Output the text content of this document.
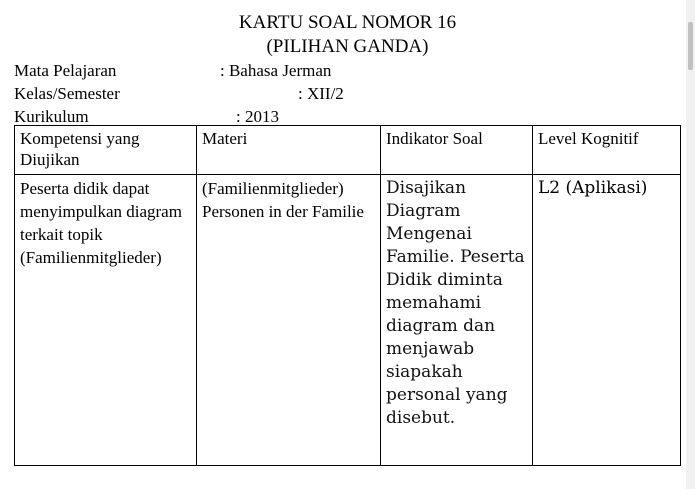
KARTU SOAL NOMOR 16
(PILIHAN GANDA)
Mata Pelajaran	: Bahasa Jerman
Kelas/Semester	: XII/2
Kurikulum	: 2013
Kompetensi yang Diujikan	Materi	Indikator Soal	Level Kognitif
Peserta didik dapat menyimpulkan diagram terkait topik (Familienmitglieder)	(Familienmitglieder) Personen in der Familie	Disajikan Diagram Mengenai Familie. Peserta Didik diminta memahami diagram dan menjawab siapakah personal yang disebut.	L2 (Aplikasi)
